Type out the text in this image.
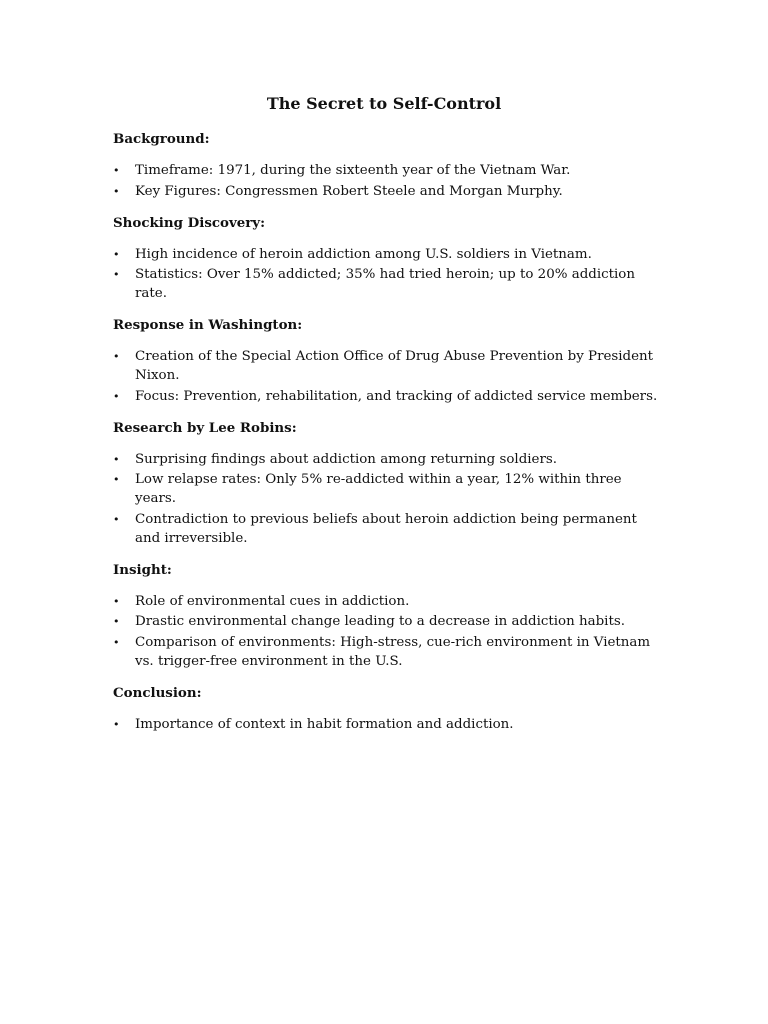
The Secret to Self-Control
Background:
• Timeframe: 1971, during the sixteenth year of the Vietnam War.
• Key Figures: Congressmen Robert Steele and Morgan Murphy.
Shocking Discovery:
• High incidence of heroin addiction among U.S. soldiers in Vietnam.
• Statistics: Over 15% addicted; 35% had tried heroin; up to 20% addiction rate.
Response in Washington:
• Creation of the Special Action Office of Drug Abuse Prevention by President Nixon.
• Focus: Prevention, rehabilitation, and tracking of addicted service members.
Research by Lee Robins:
• Surprising findings about addiction among returning soldiers.
• Low relapse rates: Only 5% re-addicted within a year, 12% within three years.
• Contradiction to previous beliefs about heroin addiction being permanent and irreversible.
Insight:
• Role of environmental cues in addiction.
• Drastic environmental change leading to a decrease in addiction habits.
• Comparison of environments: High-stress, cue-rich environment in Vietnam vs. trigger-free environment in the U.S.
Conclusion:
• Importance of context in habit formation and addiction.
